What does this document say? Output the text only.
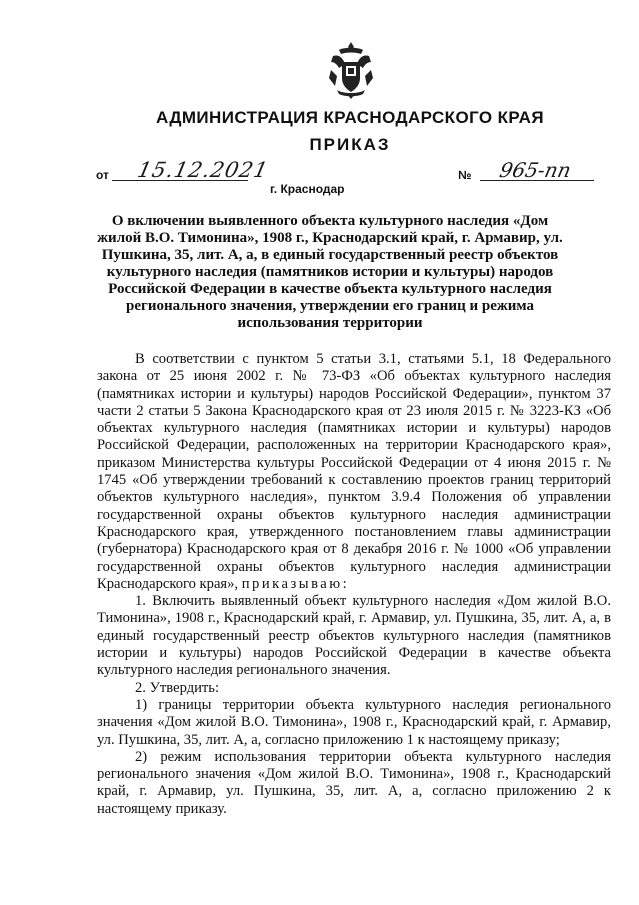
АДМИНИСТРАЦИЯ КРАСНОДАРСКОГО КРАЯ
ПРИКАЗ
от 15.12.2021	№ 965-пп
г. Краснодар
О включении выявленного объекта культурного наследия «Дом жилой В.О. Тимонина», 1908 г., Краснодарский край, г. Армавир, ул. Пушкина, 35, лит. А, а, в единый государственный реестр объектов культурного наследия (памятников истории и культуры) народов Российской Федерации в качестве объекта культурного наследия регионального значения, утверждении его границ и режима использования территории

В соответствии с пунктом 5 статьи 3.1, статьями 5.1, 18 Федерального закона от 25 июня 2002 г. № 73-ФЗ «Об объектах культурного наследия (памятниках истории и культуры) народов Российской Федерации», пунктом 37 части 2 статьи 5 Закона Краснодарского края от 23 июля 2015 г. № 3223-КЗ «Об объектах культурного наследия (памятниках истории и культуры) народов Российской Федерации, расположенных на территории Краснодарского края», приказом Министерства культуры Российской Федерации от 4 июня 2015 г. № 1745 «Об утверждении требований к составлению проектов границ территорий объектов культурного наследия», пунктом 3.9.4 Положения об управлении государственной охраны объектов культурного наследия администрации Краснодарского края, утвержденного постановлением главы администрации (губернатора) Краснодарского края от 8 декабря 2016 г. № 1000 «Об управлении государственной охраны объектов культурного наследия администрации Краснодарского края», приказываю:

1. Включить выявленный объект культурного наследия «Дом жилой В.О. Тимонина», 1908 г., Краснодарский край, г. Армавир, ул. Пушкина, 35, лит. А, а, в единый государственный реестр объектов культурного наследия (памятников истории и культуры) народов Российской Федерации в качестве объекта культурного наследия регионального значения.

2. Утвердить:

1) границы территории объекта культурного наследия регионального значения «Дом жилой В.О. Тимонина», 1908 г., Краснодарский край, г. Армавир, ул. Пушкина, 35, лит. А, а, согласно приложению 1 к настоящему приказу;

2) режим использования территории объекта культурного наследия регионального значения «Дом жилой В.О. Тимонина», 1908 г., Краснодарский край, г. Армавир, ул. Пушкина, 35, лит. А, а, согласно приложению 2 к настоящему приказу.
